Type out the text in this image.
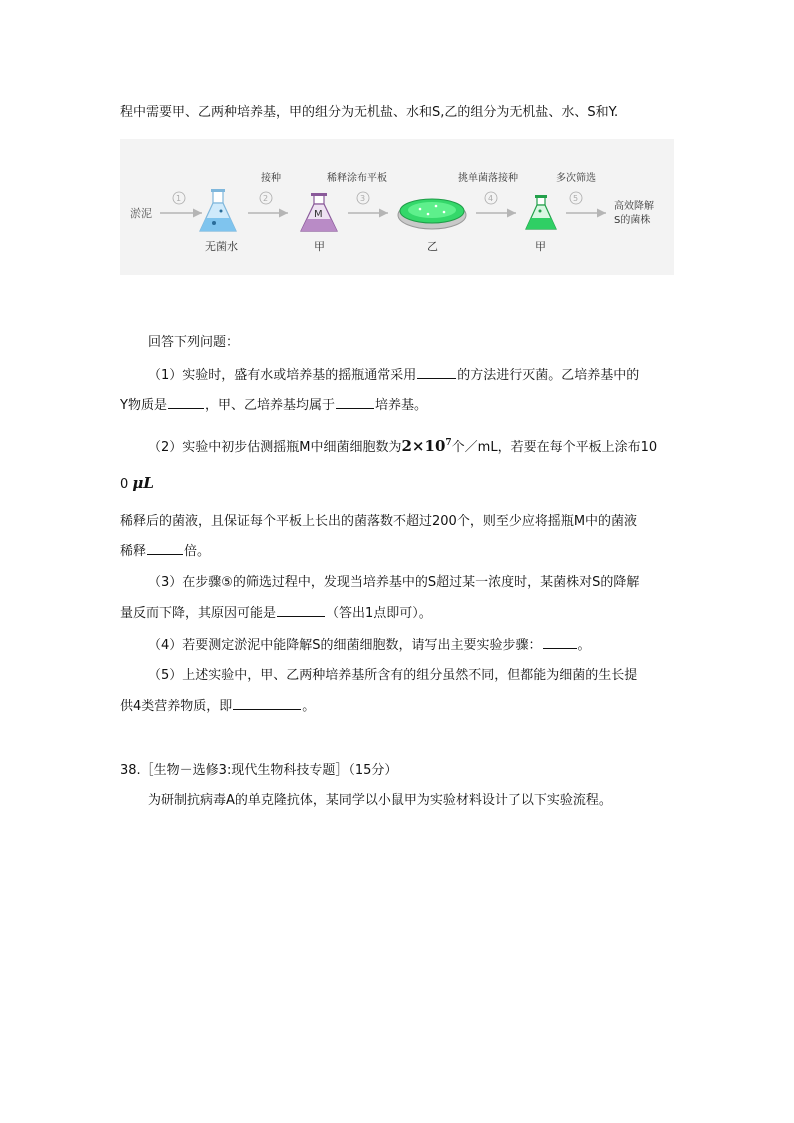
程中需要甲、乙两种培养基，甲的组分为无机盐、水和S,乙的组分为无机盐、水、S和Y.
淤泥
1
无菌水
2
接种
M
甲
3
稀释涂布平板
乙
4
挑单菌落接种
甲
5
多次筛选
高效降解
S的菌株
回答下列问题：
（1）实验时，盛有水或培养基的摇瓶通常采用	的方法进行灭菌。乙培养基中的
Y物质是	，甲、乙培养基均属于	培养基。
（2）实验中初步估测摇瓶M中细菌细胞数为$2\times 10^7$个／mL，若要在每个平板上涂布10
0 μL
稀释后的菌液，且保证每个平板上长出的菌落数不超过200个，则至少应将摇瓶M中的菌液
稀释	倍。
（3）在步骤⑤的筛选过程中，发现当培养基中的S超过某一浓度时，某菌株对S的降解
量反而下降，其原因可能是	（答出1点即可）。
（4）若要测定淤泥中能降解S的细菌细胞数，请写出主要实验步骤：	。
（5）上述实验中，甲、乙两种培养基所含有的组分虽然不同，但都能为细菌的生长提
供4类营养物质，即	。
38.［生物－选修3:现代生物科技专题］（15分）
为研制抗病毒A的单克隆抗体，某同学以小鼠甲为实验材料设计了以下实验流程。
